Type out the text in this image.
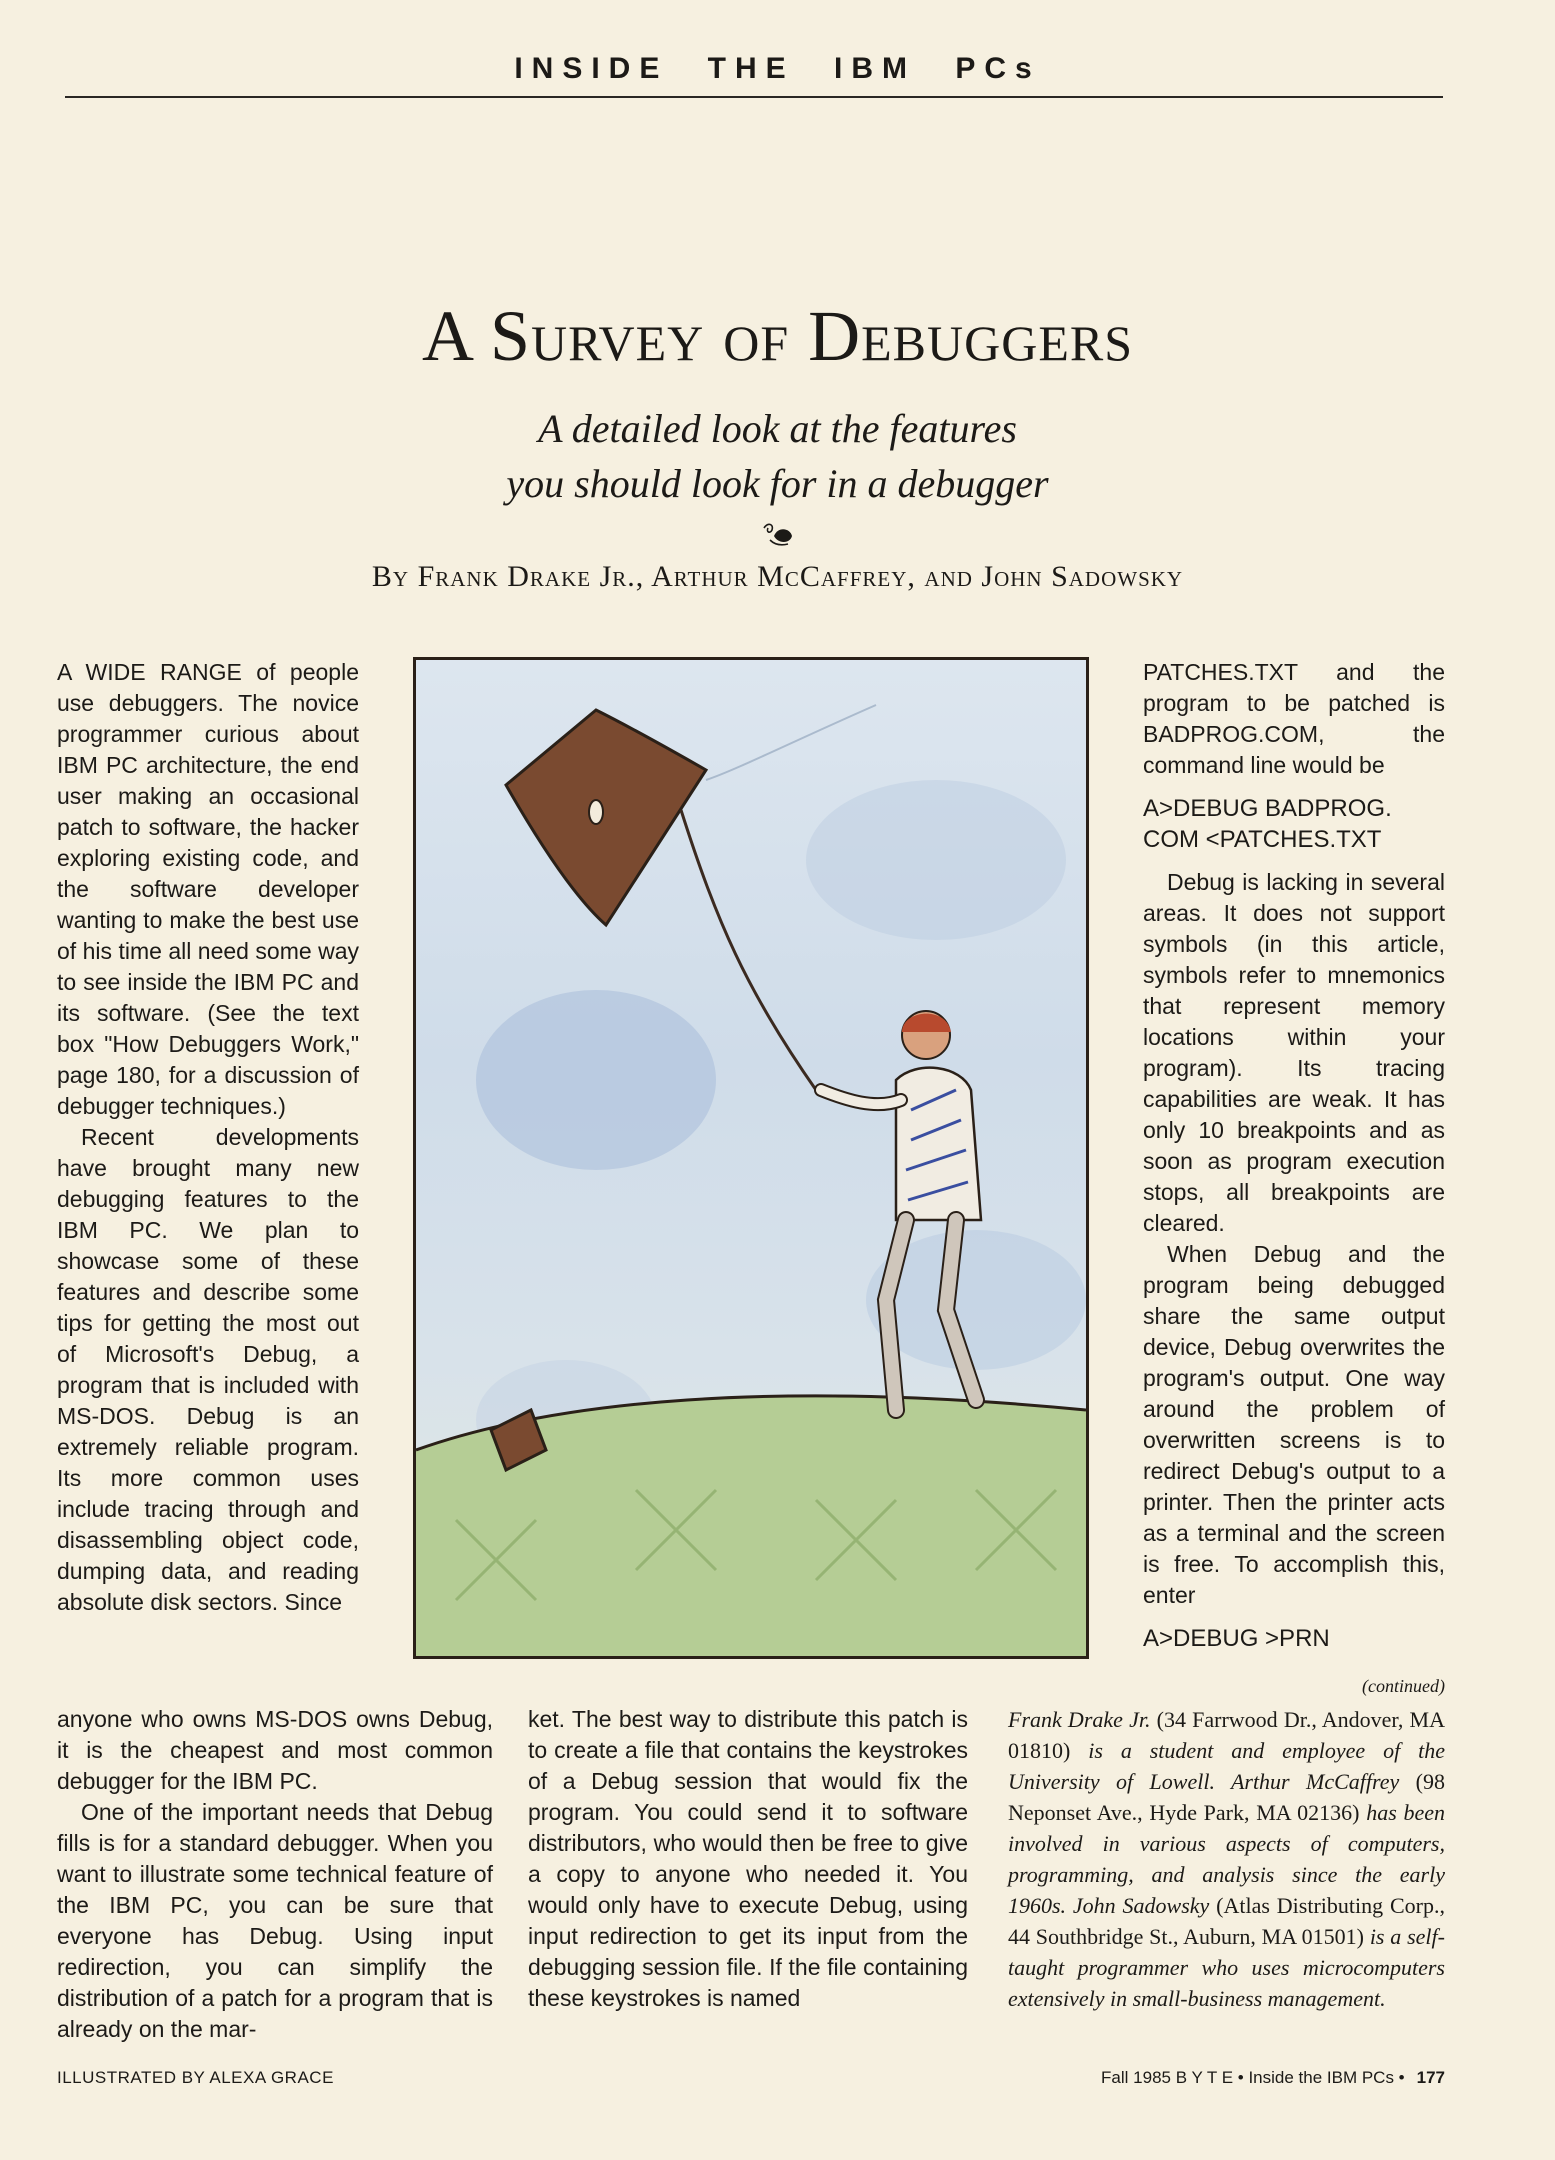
INSIDE THE IBM PCs
A Survey of Debuggers
A detailed look at the features
you should look for in a debugger
By Frank Drake Jr., Arthur McCaffrey, and John Sadowsky

A WIDE RANGE of people use debuggers. The novice programmer curious about IBM PC architecture, the end user making an occasional patch to software, the hacker exploring existing code, and the software developer wanting to make the best use of his time all need some way to see inside the IBM PC and its software. (See the text box "How Debuggers Work," page 180, for a discussion of debugger techniques.)

Recent developments have brought many new debugging features to the IBM PC. We plan to showcase some of these features and describe some tips for getting the most out of Microsoft's Debug, a program that is included with MS-DOS. Debug is an extremely reliable program. Its more common uses include tracing through and disassembling object code, dumping data, and reading absolute disk sectors. Since

anyone who owns MS-DOS owns Debug, it is the cheapest and most common debugger for the IBM PC.

One of the important needs that Debug fills is for a standard debugger. When you want to illustrate some technical feature of the IBM PC, you can be sure that everyone has Debug. Using input redirection, you can simplify the distribution of a patch for a program that is already on the mar-

ket. The best way to distribute this patch is to create a file that contains the keystrokes of a Debug session that would fix the program. You could send it to software distributors, who would then be free to give a copy to anyone who needed it. You would only have to execute Debug, using input redirection to get its input from the debugging session file. If the file containing these keystrokes is named

PATCHES.TXT and the program to be patched is BADPROG.COM, the command line would be

A>DEBUG BADPROG.
COM <PATCHES.TXT

Debug is lacking in several areas. It does not support symbols (in this article, symbols refer to mnemonics that represent memory locations within your program). Its tracing capabilities are weak. It has only 10 breakpoints and as soon as program execution stops, all breakpoints are cleared.

When Debug and the program being debugged share the same output device, Debug overwrites the program's output. One way around the problem of overwritten screens is to redirect Debug's output to a printer. Then the printer acts as a terminal and the screen is free. To accomplish this, enter

A>DEBUG >PRN
(continued)
Frank Drake Jr. (34 Farrwood Dr., Andover, MA 01810) is a student and employee of the University of Lowell. Arthur McCaffrey (98 Neponset Ave., Hyde Park, MA 02136) has been involved in various aspects of computers, programming, and analysis since the early 1960s. John Sadowsky (Atlas Distributing Corp., 44 Southbridge St., Auburn, MA 01501) is a self-taught programmer who uses microcomputers extensively in small-business management.
ILLUSTRATED BY ALEXA GRACE	Fall 1985 B Y T E • Inside the IBM PCs • 177
